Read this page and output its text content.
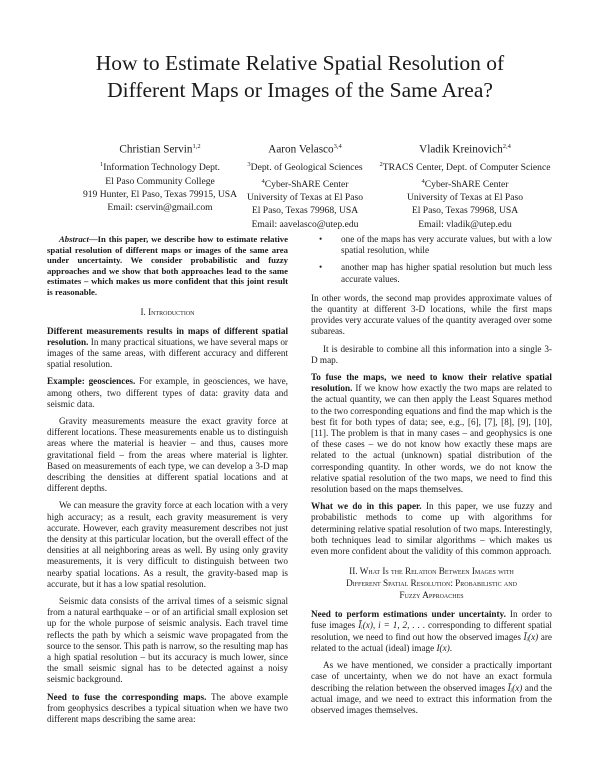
How to Estimate Relative Spatial Resolution of
Different Maps or Images of the Same Area?
Christian Servin$^{1,2}$
$^1$Information Technology Dept.
El Paso Community College
919 Hunter, El Paso, Texas 79915, USA
Email: cservin@gmail.com
Aaron Velasco$^{3,4}$
$^3$Dept. of Geological Sciences
$^4$Cyber-ShARE Center
University of Texas at El Paso
El Paso, Texas 79968, USA
Email: aavelasco@utep.edu
Vladik Kreinovich$^{2,4}$
$^2$TRACS Center, Dept. of Computer Science
$^4$Cyber-ShARE Center
University of Texas at El Paso
El Paso, Texas 79968, USA
Email: vladik@utep.edu

Abstract—In this paper, we describe how to estimate relative spatial resolution of different maps or images of the same area under uncertainty. We consider probabilistic and fuzzy approaches and we show that both approaches lead to the same estimates – which makes us more confident that this joint result is reasonable.

I. Introduction

Different measurements results in maps of different spatial resolution. In many practical situations, we have several maps or images of the same areas, with different accuracy and different spatial resolution.

Example: geosciences. For example, in geosciences, we have, among others, two different types of data: gravity data and seismic data.

Gravity measurements measure the exact gravity force at different locations. These measurements enable us to distinguish areas where the material is heavier – and thus, causes more gravitational field – from the areas where material is lighter. Based on measurements of each type, we can develop a 3-D map describing the densities at different spatial locations and at different depths.

We can measure the gravity force at each location with a very high accuracy; as a result, each gravity measurement is very accurate. However, each gravity measurement describes not just the density at this particular location, but the overall effect of the densities at all neighboring areas as well. By using only gravity measurements, it is very difficult to distinguish between two nearby spatial locations. As a result, the gravity-based map is accurate, but it has a low spatial resolution.

Seismic data consists of the arrival times of a seismic signal from a natural earthquake – or of an artificial small explosion set up for the whole purpose of seismic analysis. Each travel time reflects the path by which a seismic wave propagated from the source to the sensor. This path is narrow, so the resulting map has a high spatial resolution – but its accuracy is much lower, since the small seismic signal has to be detected against a noisy seismic background.

Need to fuse the corresponding maps. The above example from geophysics describes a typical situation when we have two different maps describing the same area:

• one of the maps has very accurate values, but with a low spatial resolution, while
• another map has higher spatial resolution but much less accurate values.

In other words, the second map provides approximate values of the quantity at different 3-D locations, while the first maps provides very accurate values of the quantity averaged over some subareas.

It is desirable to combine all this information into a single 3-D map.

To fuse the maps, we need to know their relative spatial resolution. If we know how exactly the two maps are related to the actual quantity, we can then apply the Least Squares method to the two corresponding equations and find the map which is the best fit for both types of data; see, e.g., [6], [7], [8], [9], [10], [11]. The problem is that in many cases – and geophysics is one of these cases – we do not know how exactly these maps are related to the actual (unknown) spatial distribution of the corresponding quantity. In other words, we do not know the relative spatial resolution of the two maps, we need to find this resolution based on the maps themselves.

What we do in this paper. In this paper, we use fuzzy and probabilistic methods to come up with algorithms for determining relative spatial resolution of two maps. Interestingly, both techniques lead to similar algorithms – which makes us even more confident about the validity of this common approach.

II. What Is the Relation Between Images with
Different Spatial Resolution: Probabilistic and
Fuzzy Approaches

Need to perform estimations under uncertainty. In order to fuse images Ĩᵢ(x), i = 1, 2, . . . corresponding to different spatial resolution, we need to find out how the observed images Ĩᵢ(x) are related to the actual (ideal) image I(x).

As we have mentioned, we consider a practically important case of uncertainty, when we do not have an exact formula describing the relation between the observed images Ĩᵢ(x) and the actual image, and we need to extract this information from the observed images themselves.
